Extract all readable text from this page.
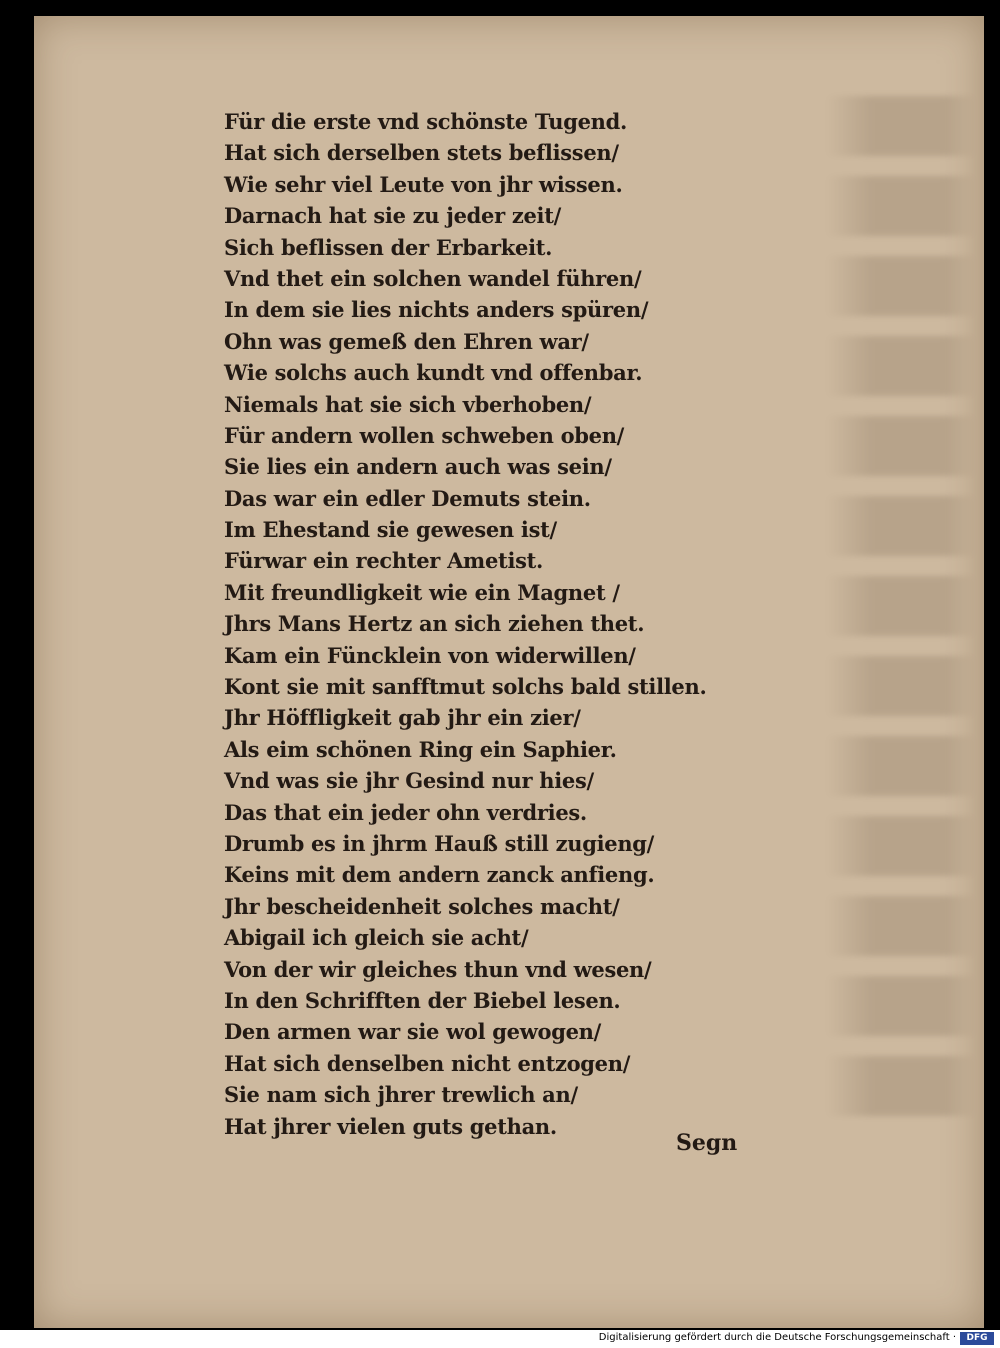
Für die erste vnd schönste Tugend.
Hat sich derselben stets beflissen/
Wie sehr viel Leute von jhr wissen.
Darnach hat sie zu jeder zeit/
Sich beflissen der Erbarkeit.
Vnd thet ein solchen wandel führen/
In dem sie lies nichts anders spüren/
Ohn was gemeß den Ehren war/
Wie solchs auch kundt vnd offenbar.
Niemals hat sie sich vberhoben/
Für andern wollen schweben oben/
Sie lies ein andern auch was sein/
Das war ein edler Demuts stein.
Im Ehestand sie gewesen ist/
Fürwar ein rechter Ametist.
Mit freundligkeit wie ein Magnet /
Jhrs Mans Hertz an sich ziehen thet.
Kam ein Füncklein von widerwillen/
Kont sie mit sanfftmut solchs bald stillen.
Jhr Höffligkeit gab jhr ein zier/
Als eim schönen Ring ein Saphier.
Vnd was sie jhr Gesind nur hies/
Das that ein jeder ohn verdries.
Drumb es in jhrm Hauß still zugieng/
Keins mit dem andern zanck anfieng.
Jhr bescheidenheit solches macht/
Abigail ich gleich sie acht/
Von der wir gleiches thun vnd wesen/
In den Schrifften der Biebel lesen.
Den armen war sie wol gewogen/
Hat sich denselben nicht entzogen/
Sie nam sich jhrer trewlich an/
Hat jhrer vielen guts gethan.
Segn
Digitalisierung gefördert durch die Deutsche Forschungsgemeinschaft ·	DFG
